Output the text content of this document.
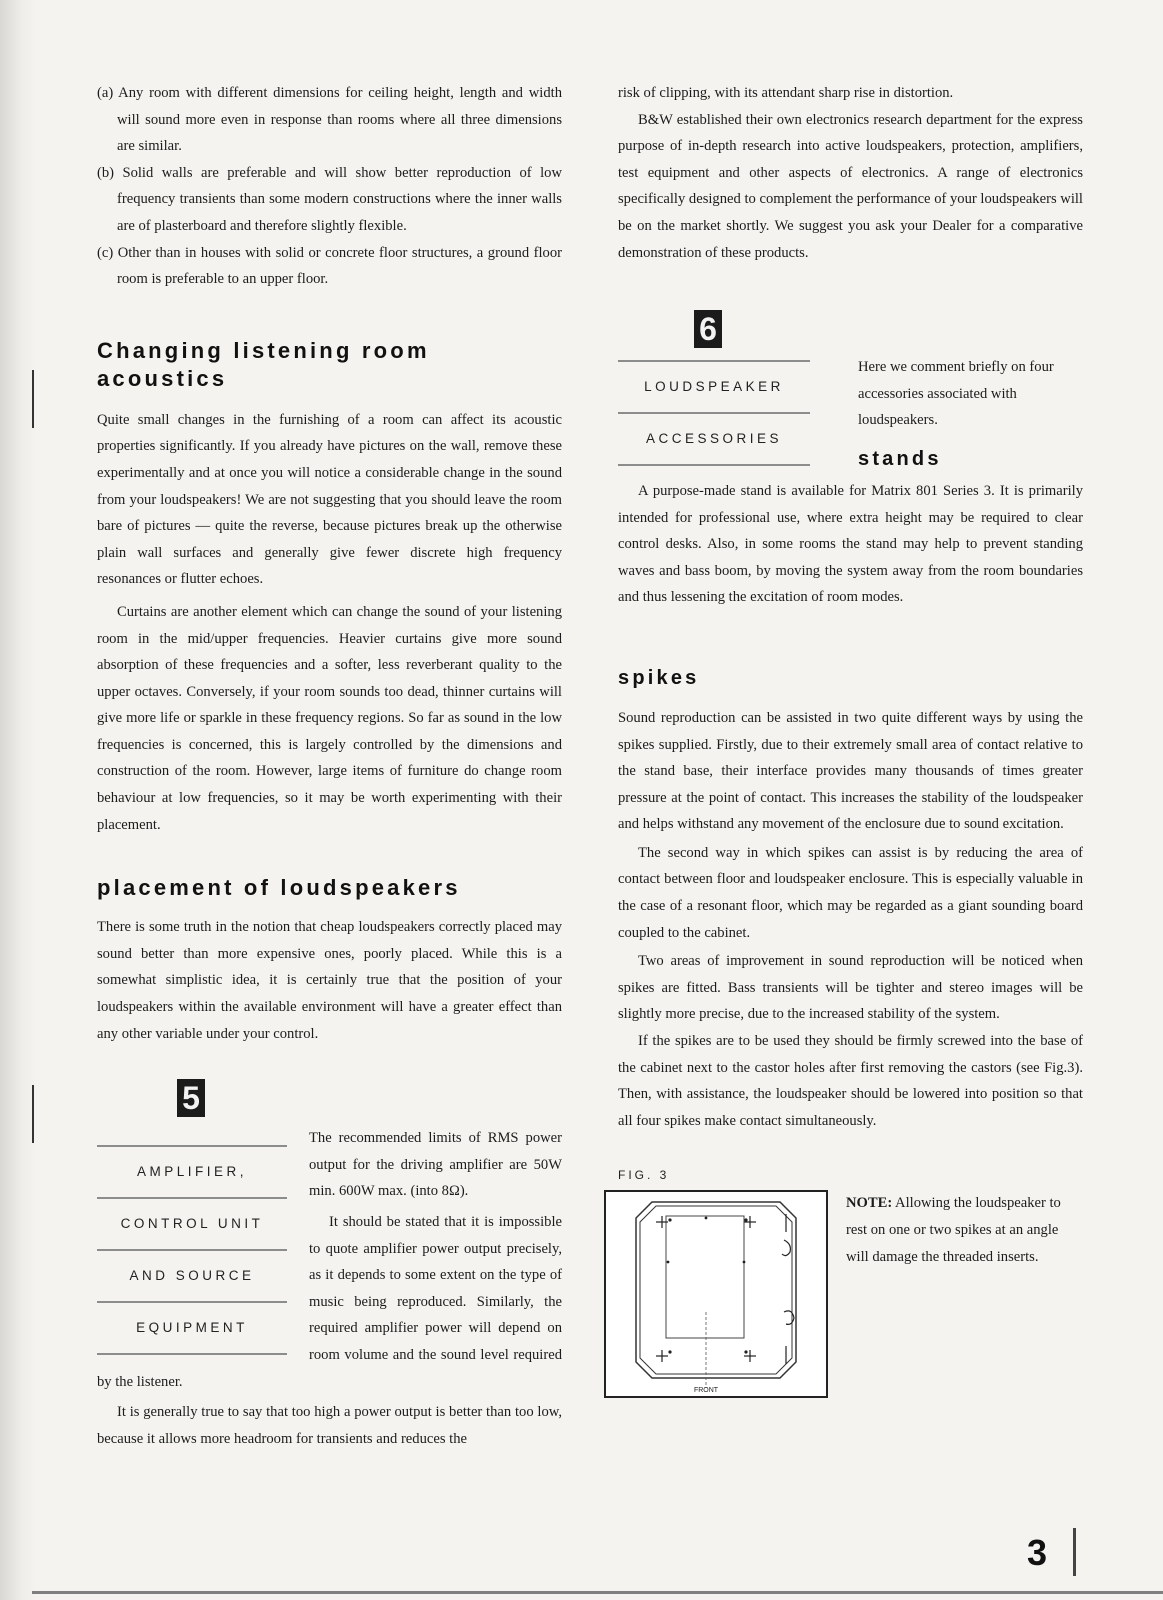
(a) Any room with different dimensions for ceiling height, length and width will sound more even in response than rooms where all three dimensions are similar.

(b) Solid walls are preferable and will show better reproduction of low frequency transients than some modern constructions where the inner walls are of plasterboard and therefore slightly flexible.

(c) Other than in houses with solid or concrete floor structures, a ground floor room is preferable to an upper floor.

Changing listening room acoustics

Quite small changes in the furnishing of a room can affect its acoustic properties significantly. If you already have pictures on the wall, remove these experimentally and at once you will notice a considerable change in the sound from your loudspeakers! We are not suggesting that you should leave the room bare of pictures — quite the reverse, because pictures break up the otherwise plain wall surfaces and generally give fewer discrete high frequency resonances or flutter echoes.

Curtains are another element which can change the sound of your listening room in the mid/upper frequencies. Heavier curtains give more sound absorption of these frequencies and a softer, less reverberant quality to the upper octaves. Conversely, if your room sounds too dead, thinner curtains will give more life or sparkle in these frequency regions. So far as sound in the low frequencies is concerned, this is largely controlled by the dimensions and construction of the room. However, large items of furniture do change room behaviour at low frequencies, so it may be worth experimenting with their placement.

placement of loudspeakers

There is some truth in the notion that cheap loudspeakers correctly placed may sound better than more expensive ones, poorly placed. While this is a somewhat simplistic idea, it is certainly true that the position of your loudspeakers within the available environment will have a greater effect than any other variable under your control.

5
AMPLIFIER,
CONTROL UNIT
AND SOURCE
EQUIPMENT

The recommended limits of RMS power output for the driving amplifier are 50W min. 600W max. (into 8Ω).

It should be stated that it is impossible to quote amplifier power output precisely, as it depends to some extent on the type of music being reproduced. Similarly, the required amplifier power will depend on room volume and the sound level required by the listener.

It is generally true to say that too high a power output is better than too low, because it allows more headroom for transients and reduces the

risk of clipping, with its attendant sharp rise in distortion.

B&W established their own electronics research department for the express purpose of in-depth research into active loudspeakers, protection, amplifiers, test equipment and other aspects of electronics. A range of electronics specifically designed to complement the performance of your loudspeakers will be on the market shortly. We suggest you ask your Dealer for a comparative demonstration of these products.

6
LOUDSPEAKER
ACCESSORIES

Here we comment briefly on four accessories associated with loudspeakers.

stands

A purpose-made stand is available for Matrix 801 Series 3. It is primarily intended for professional use, where extra height may be required to clear control desks. Also, in some rooms the stand may help to prevent standing waves and bass boom, by moving the system away from the room boundaries and thus lessening the excitation of room modes.

spikes

Sound reproduction can be assisted in two quite different ways by using the spikes supplied. Firstly, due to their extremely small area of contact relative to the stand base, their interface provides many thousands of times greater pressure at the point of contact. This increases the stability of the loudspeaker and helps withstand any movement of the enclosure due to sound excitation.

The second way in which spikes can assist is by reducing the area of contact between floor and loudspeaker enclosure. This is especially valuable in the case of a resonant floor, which may be regarded as a giant sounding board coupled to the cabinet.

Two areas of improvement in sound reproduction will be noticed when spikes are fitted. Bass transients will be tighter and stereo images will be slightly more precise, due to the increased stability of the system.

If the spikes are to be used they should be firmly screwed into the base of the cabinet next to the castor holes after first removing the castors (see Fig.3). Then, with assistance, the loudspeaker should be lowered into position so that all four spikes make contact simultaneously.

FIG. 3
FRONT

NOTE: Allowing the loudspeaker to rest on one or two spikes at an angle will damage the threaded inserts.

3
